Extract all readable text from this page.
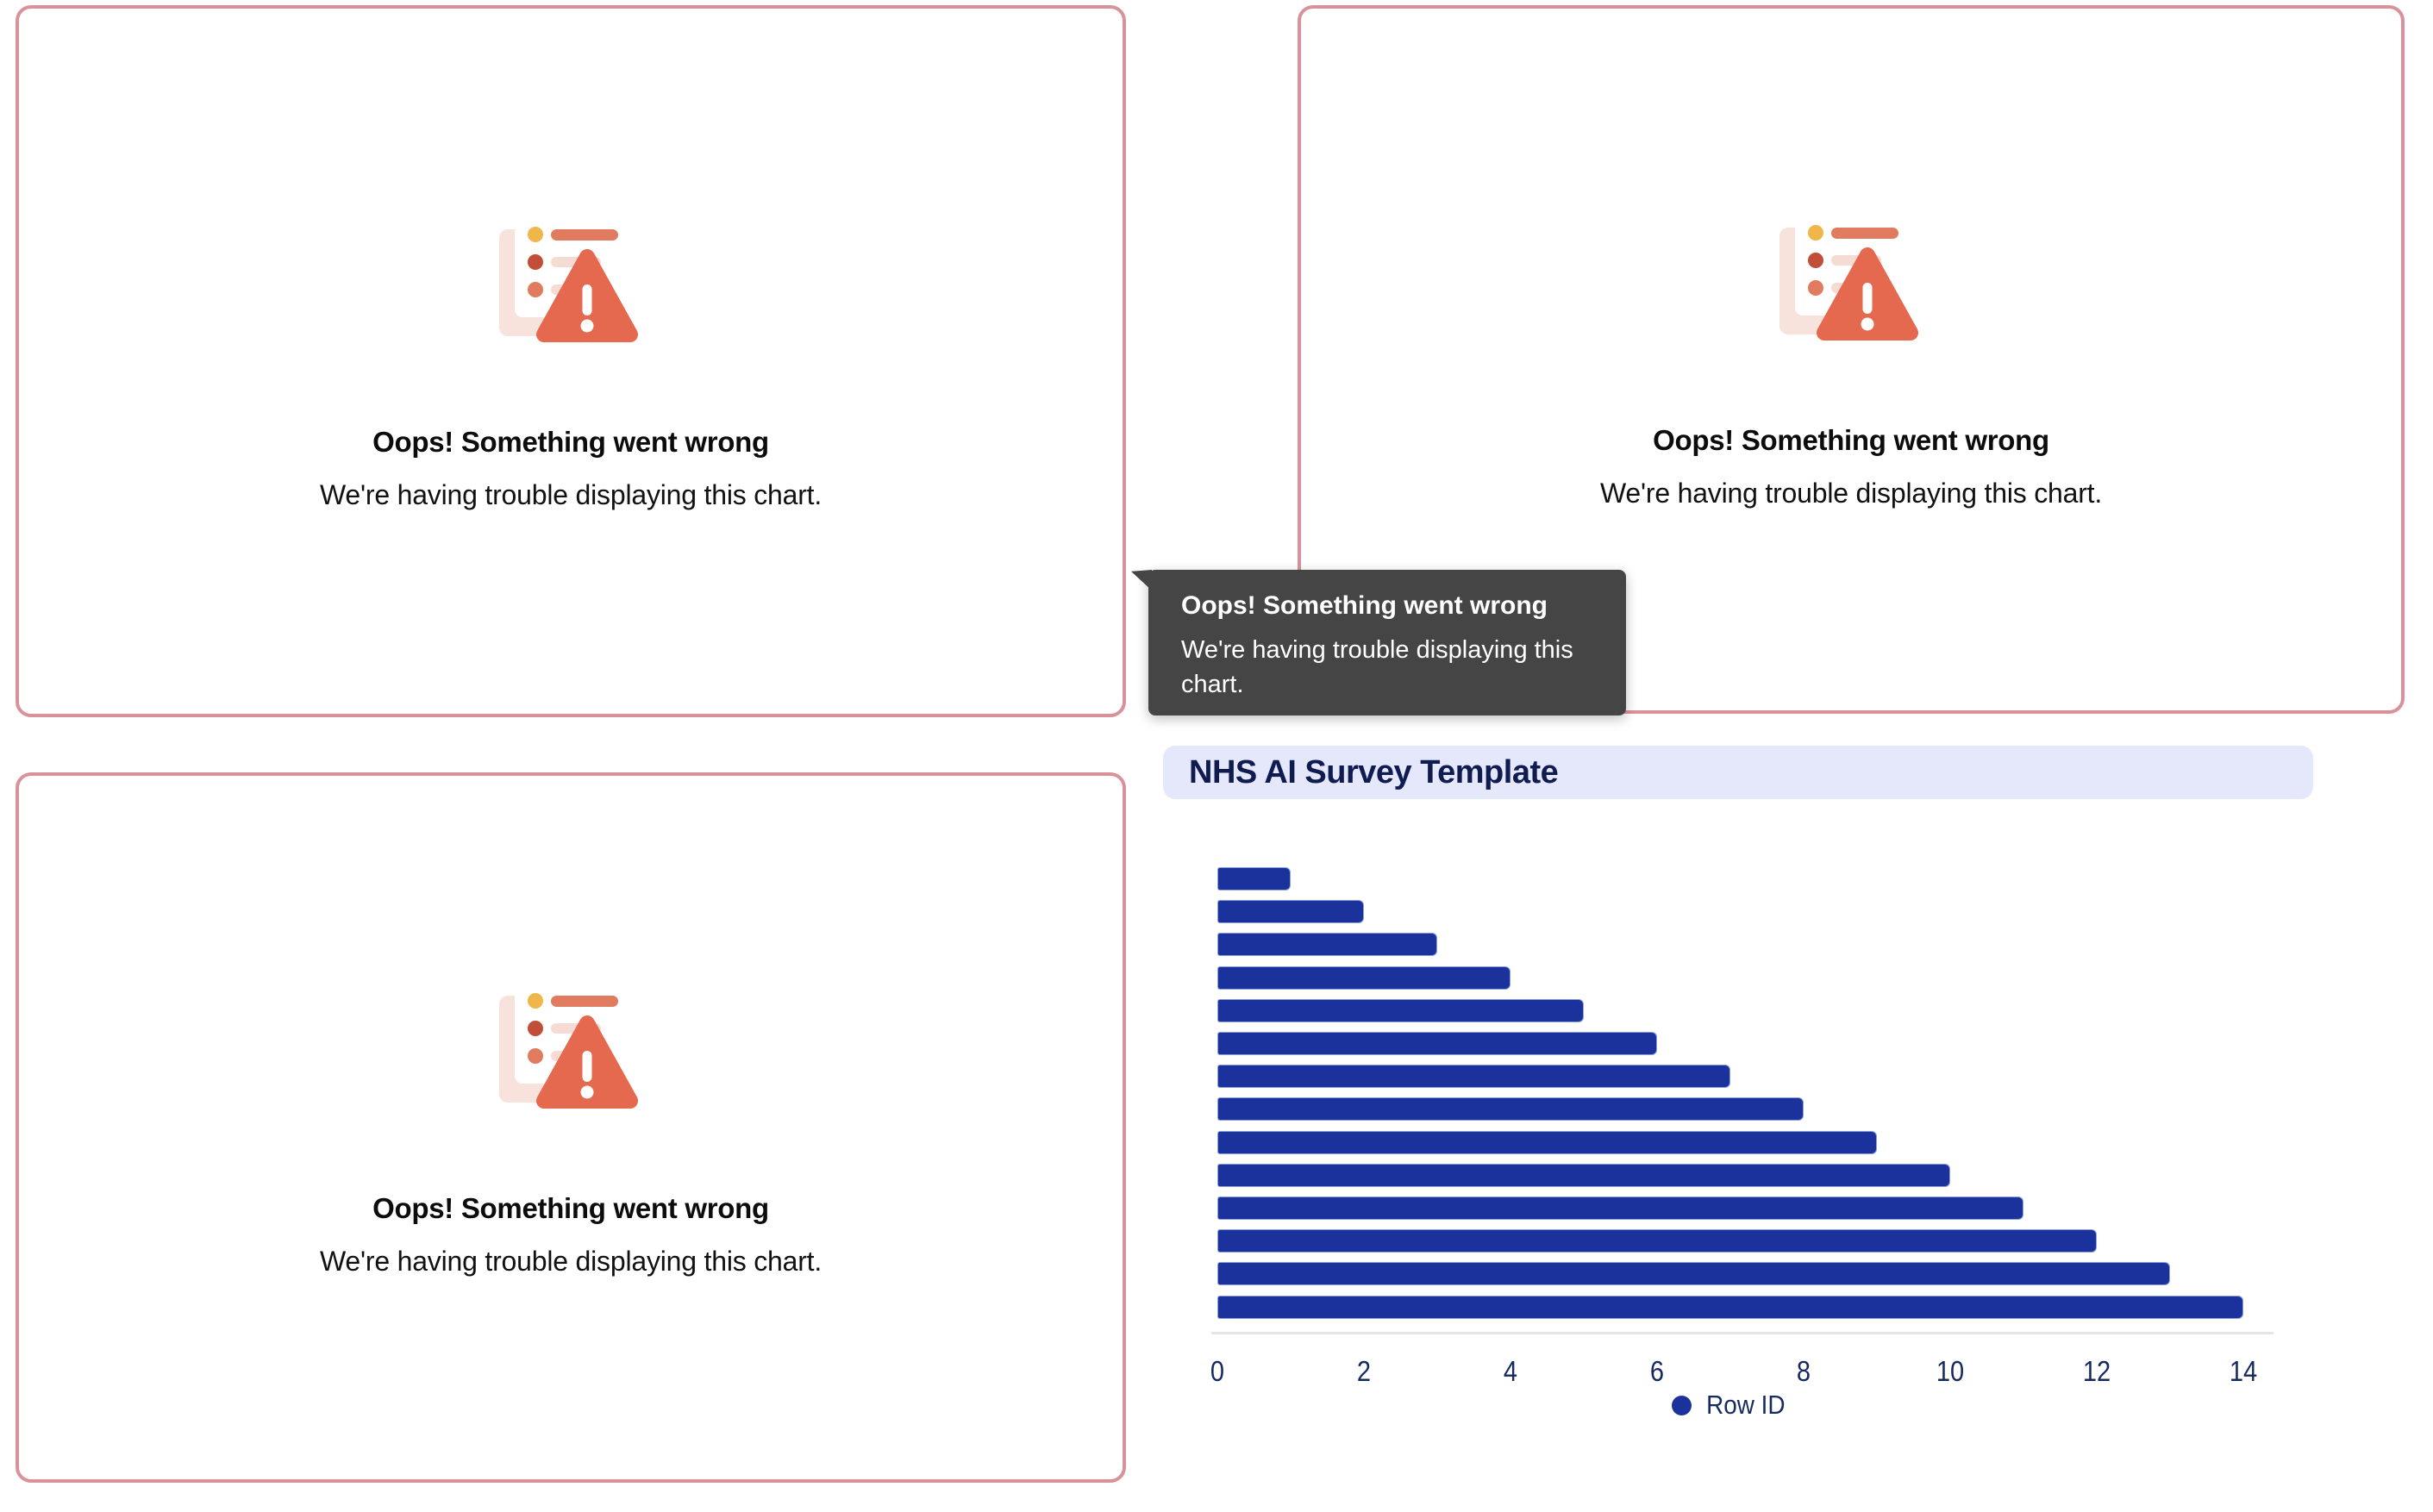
Oops! Something went wrong

We're having trouble displaying this chart.

Oops! Something went wrong

We're having trouble displaying this chart.

Oops! Something went wrong

We're having trouble displaying this chart.

Oops! Something went wrong

We're having trouble displaying this chart.

NHS AI Survey Template
0	2	4	6	8	10	12	14
Row ID
